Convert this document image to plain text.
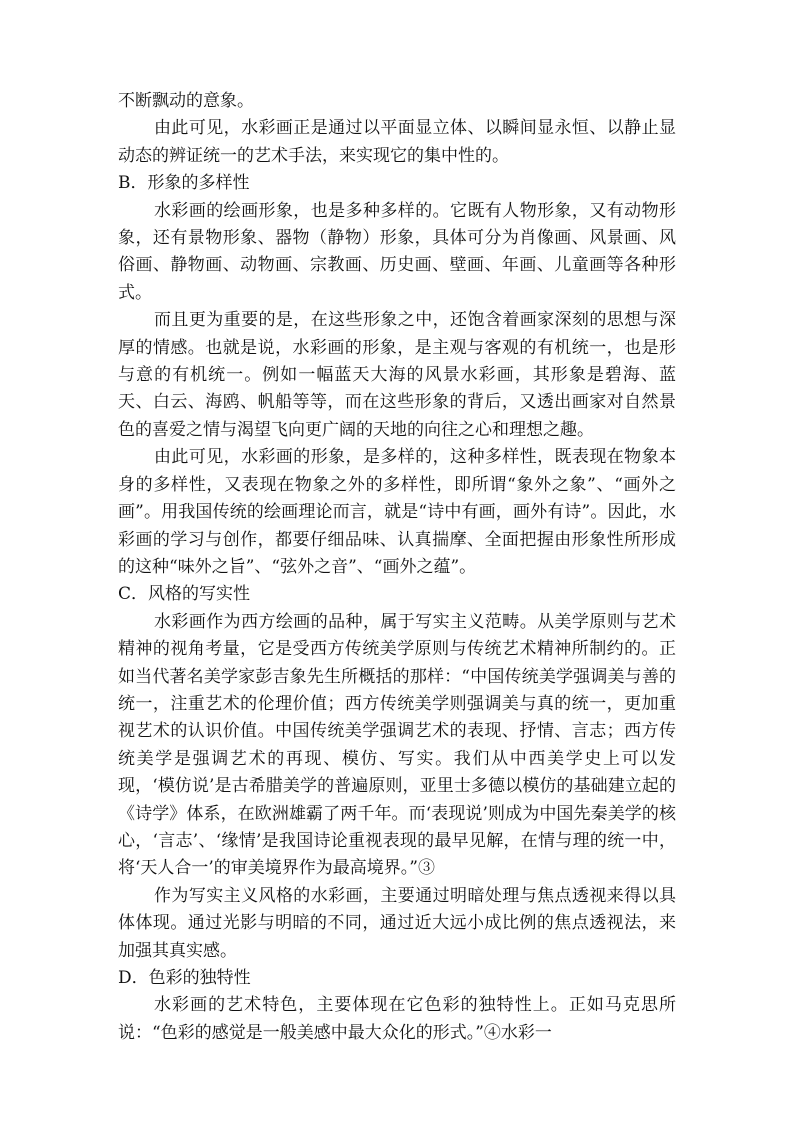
不断飘动的意象。

由此可见，水彩画正是通过以平面显立体、以瞬间显永恒、以静止显动态的辨证统一的艺术手法，来实现它的集中性的。

B．形象的多样性

水彩画的绘画形象，也是多种多样的。它既有人物形象，又有动物形象，还有景物形象、器物（静物）形象，具体可分为肖像画、风景画、风俗画、静物画、动物画、宗教画、历史画、壁画、年画、儿童画等各种形式。

而且更为重要的是，在这些形象之中，还饱含着画家深刻的思想与深厚的情感。也就是说，水彩画的形象，是主观与客观的有机统一，也是形与意的有机统一。例如一幅蓝天大海的风景水彩画，其形象是碧海、蓝天、白云、海鸥、帆船等等，而在这些形象的背后，又透出画家对自然景色的喜爱之情与渴望飞向更广阔的天地的向往之心和理想之趣。

由此可见，水彩画的形象，是多样的，这种多样性，既表现在物象本身的多样性，又表现在物象之外的多样性，即所谓“象外之象”、“画外之画”。用我国传统的绘画理论而言，就是“诗中有画，画外有诗”。因此，水彩画的学习与创作，都要仔细品味、认真揣摩、全面把握由形象性所形成的这种“味外之旨”、“弦外之音”、“画外之蕴”。

C．风格的写实性

水彩画作为西方绘画的品种，属于写实主义范畴。从美学原则与艺术精神的视角考量，它是受西方传统美学原则与传统艺术精神所制约的。正如当代著名美学家彭吉象先生所概括的那样：“中国传统美学强调美与善的统一，注重艺术的伦理价值；西方传统美学则强调美与真的统一，更加重视艺术的认识价值。中国传统美学强调艺术的表现、抒情、言志；西方传统美学是强调艺术的再现、模仿、写实。我们从中西美学史上可以发现，‘模仿说’是古希腊美学的普遍原则，亚里士多德以模仿的基础建立起的《诗学》体系，在欧洲雄霸了两千年。而‘表现说’则成为中国先秦美学的核心，‘言志’、‘缘情’是我国诗论重视表现的最早见解，在情与理的统一中，将‘天人合一’的审美境界作为最高境界。”③

作为写实主义风格的水彩画，主要通过明暗处理与焦点透视来得以具体体现。通过光影与明暗的不同，通过近大远小成比例的焦点透视法，来加强其真实感。

D．色彩的独特性

水彩画的艺术特色，主要体现在它色彩的独特性上。正如马克思所说：“色彩的感觉是一般美感中最大众化的形式。”④水彩一
